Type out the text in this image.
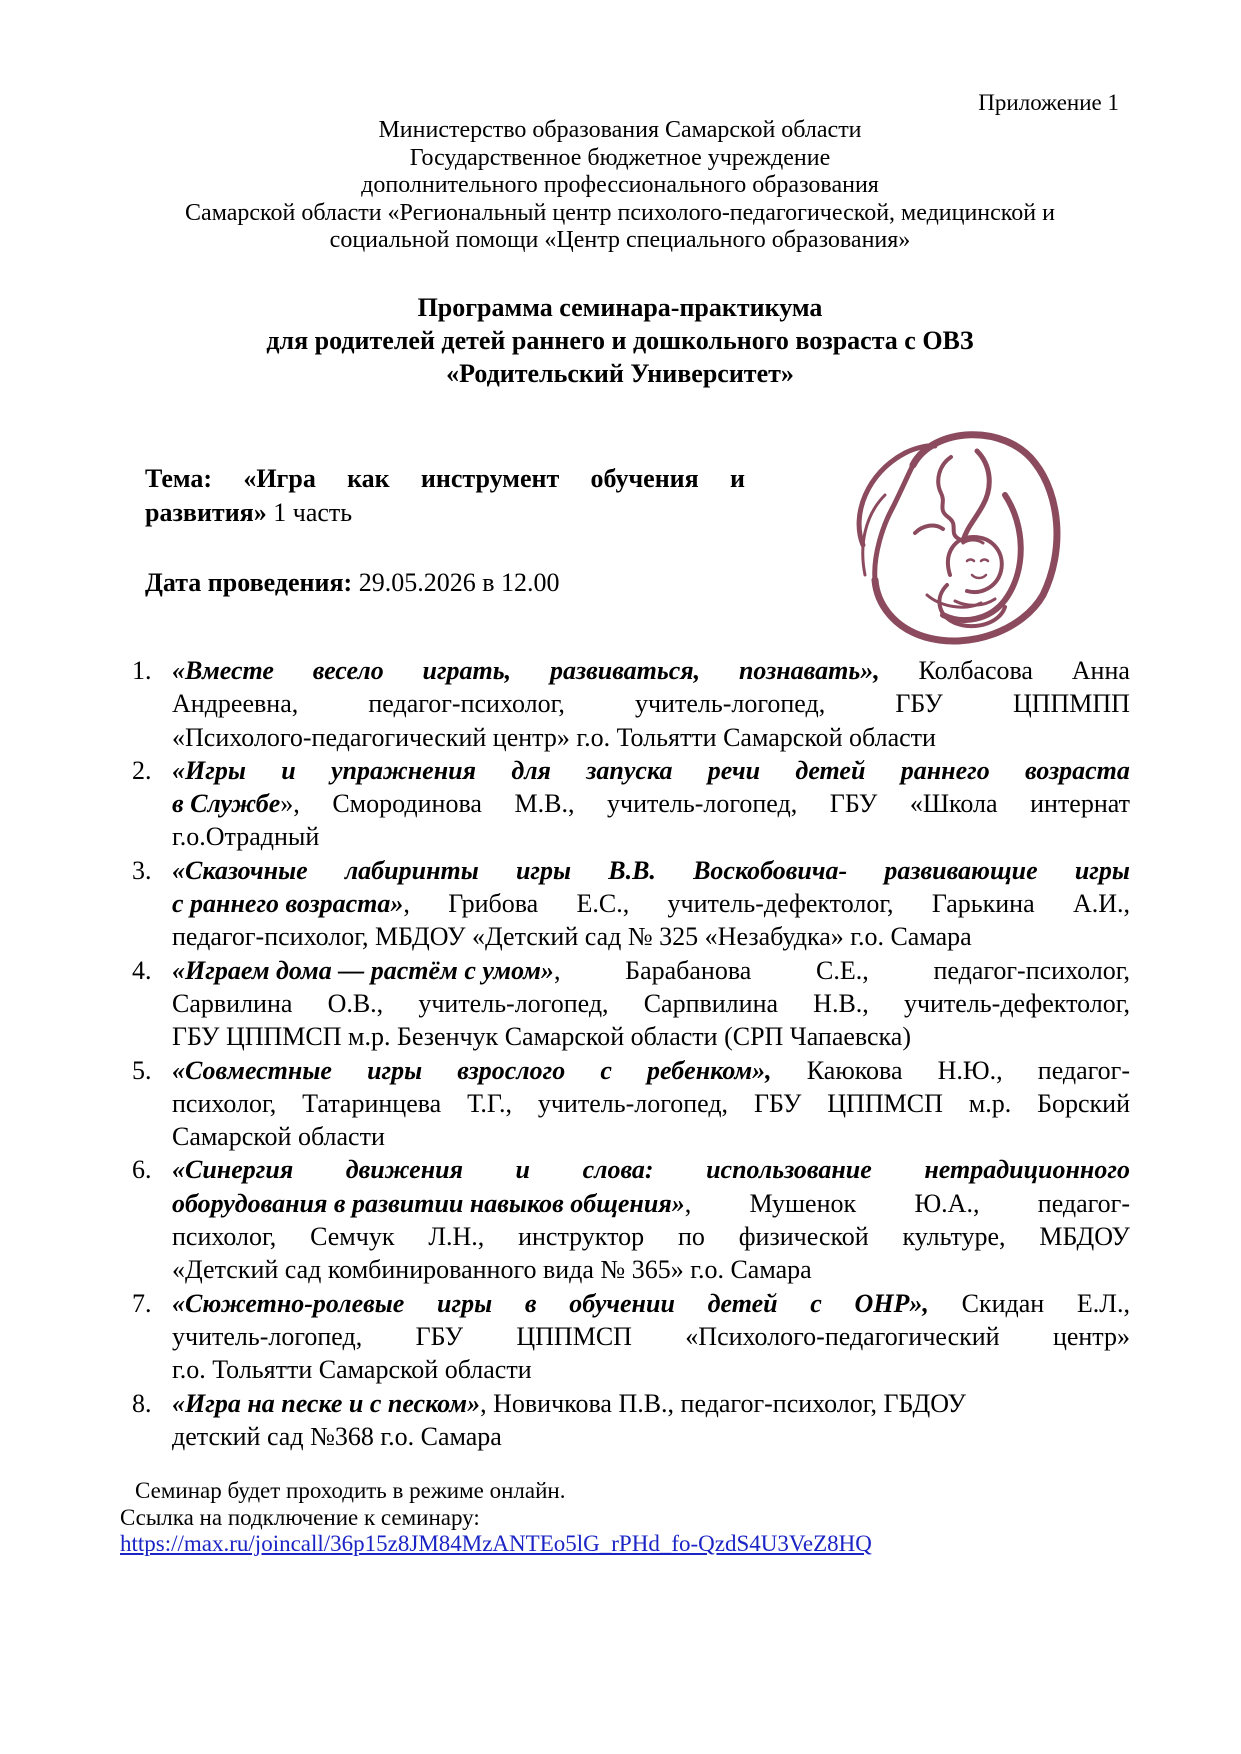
Приложение 1
Министерство образования Самарской области
Государственное бюджетное учреждение
дополнительного профессионального образования
Самарской области «Региональный центр психолого-педагогической, медицинской и
социальной помощи «Центр специального образования»
Программа семинара-практикума
для родителей детей раннего и дошкольного возраста с ОВЗ
«Родительский Университет»
Тема: «Игра как инструмент обучения и
развития» 1 часть
Дата проведения: 29.05.2026 в 12.00
1. «Вместе весело играть, развиваться, познавать», Колбасова Анна
Андреевна,	педагог-психолог,	учитель-логопед,	ГБУ	ЦППМПП
«Психолого-педагогический центр» г.о. Тольятти Самарской области
2. «Игры и упражнения для запуска речи детей раннего возраста
в Службе», Смородинова М.В., учитель-логопед, ГБУ «Школа интернат
г.о.Отрадный
3. «Сказочные лабиринты игры В.В. Воскобовича- развивающие игры
с раннего возраста», Грибова Е.С., учитель-дефектолог, Гарькина А.И.,
педагог-психолог, МБДОУ «Детский сад № 325 «Незабудка» г.о. Самара
4. «Играем дома — растём с умом», Барабанова С.Е., педагог-психолог,
Сарвилина О.В., учитель-логопед, Сарпвилина Н.В., учитель-дефектолог,
ГБУ ЦППМСП м.р. Безенчук Самарской области (СРП Чапаевска)
5. «Совместные игры взрослого с ребенком», Каюкова Н.Ю., педагог-
психолог, Татаринцева Т.Г., учитель-логопед, ГБУ ЦППМСП м.р. Борский
Самарской области
6. «Синергия движения и слова: использование нетрадиционного
оборудования в развитии навыков общения», Мушенок Ю.А., педагог-
психолог, Семчук Л.Н., инструктор по физической культуре, МБДОУ
«Детский сад комбинированного вида № 365» г.о. Самара
7. «Сюжетно-ролевые игры в обучении детей с ОНР», Скидан Е.Л.,
учитель-логопед, ГБУ ЦППМСП «Психолого-педагогический центр»
г.о. Тольятти Самарской области
8. «Игра на песке и с песком», Новичкова П.В., педагог-психолог, ГБДОУ
детский сад №368 г.о. Самара
Семинар будет проходить в режиме онлайн.
Ссылка на подключение к семинару:
https://max.ru/joincall/36p15z8JM84MzANTEo5lG_rPHd_fo-QzdS4U3VeZ8HQ
